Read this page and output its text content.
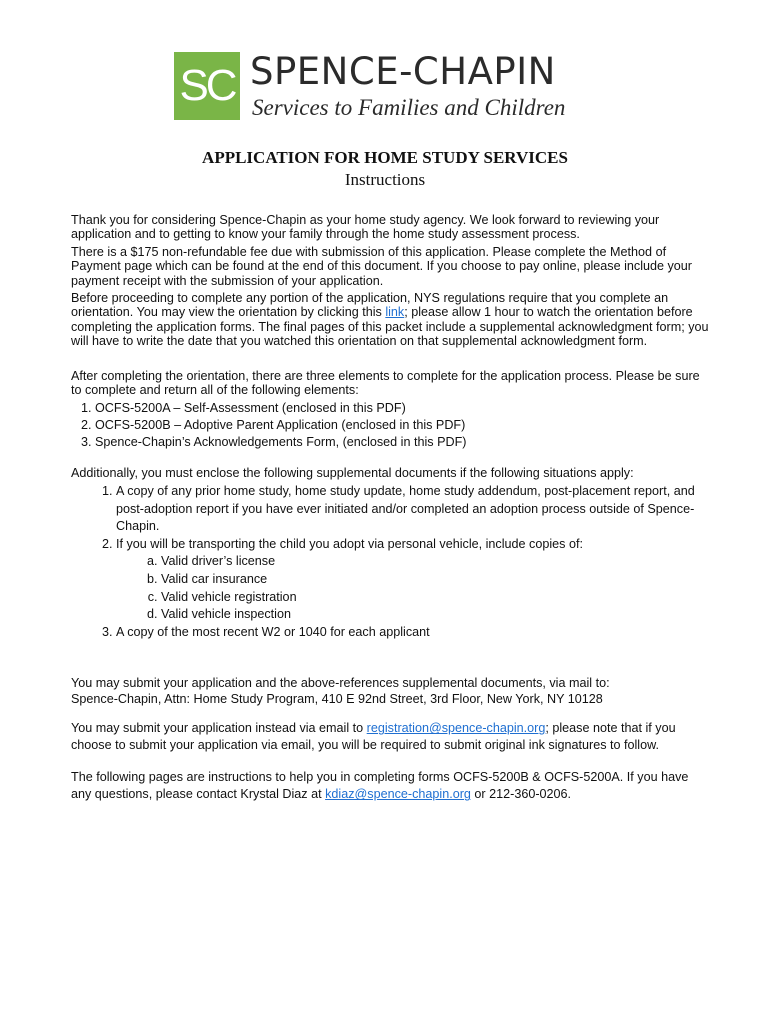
SC SPENCE-CHAPIN
Services to Families and Children
APPLICATION FOR HOME STUDY SERVICES
Instructions

Thank you for considering Spence-Chapin as your home study agency. We look forward to reviewing your application and to getting to know your family through the home study assessment process.

There is a $175 non-refundable fee due with submission of this application. Please complete the Method of Payment page which can be found at the end of this document. If you choose to pay online, please include your payment receipt with the submission of your application.

Before proceeding to complete any portion of the application, NYS regulations require that you complete an orientation. You may view the orientation by clicking this link; please allow 1 hour to watch the orientation before completing the application forms. The final pages of this packet include a supplemental acknowledgment form; you will have to write the date that you watched this orientation on that supplemental acknowledgment form.

After completing the orientation, there are three elements to complete for the application process. Please be sure to complete and return all of the following elements:

1. OCFS-5200A – Self-Assessment (enclosed in this PDF)
2. OCFS-5200B – Adoptive Parent Application (enclosed in this PDF)
3. Spence-Chapin’s Acknowledgements Form, (enclosed in this PDF)

Additionally, you must enclose the following supplemental documents if the following situations apply:

1. A copy of any prior home study, home study update, home study addendum, post-placement report, and post-adoption report if you have ever initiated and/or completed an adoption process outside of Spence-Chapin.
2. If you will be transporting the child you adopt via personal vehicle, include copies of:
a. Valid driver’s license
b. Valid car insurance
c. Valid vehicle registration
d. Valid vehicle inspection
3. A copy of the most recent W2 or 1040 for each applicant

You may submit your application and the above-references supplemental documents, via mail to:
Spence-Chapin, Attn: Home Study Program, 410 E 92nd Street, 3rd Floor, New York, NY 10128

You may submit your application instead via email to registration@spence-chapin.org; please note that if you choose to submit your application via email, you will be required to submit original ink signatures to follow.

The following pages are instructions to help you in completing forms OCFS-5200B & OCFS-5200A. If you have any questions, please contact Krystal Diaz at kdiaz@spence-chapin.org or 212-360-0206.
